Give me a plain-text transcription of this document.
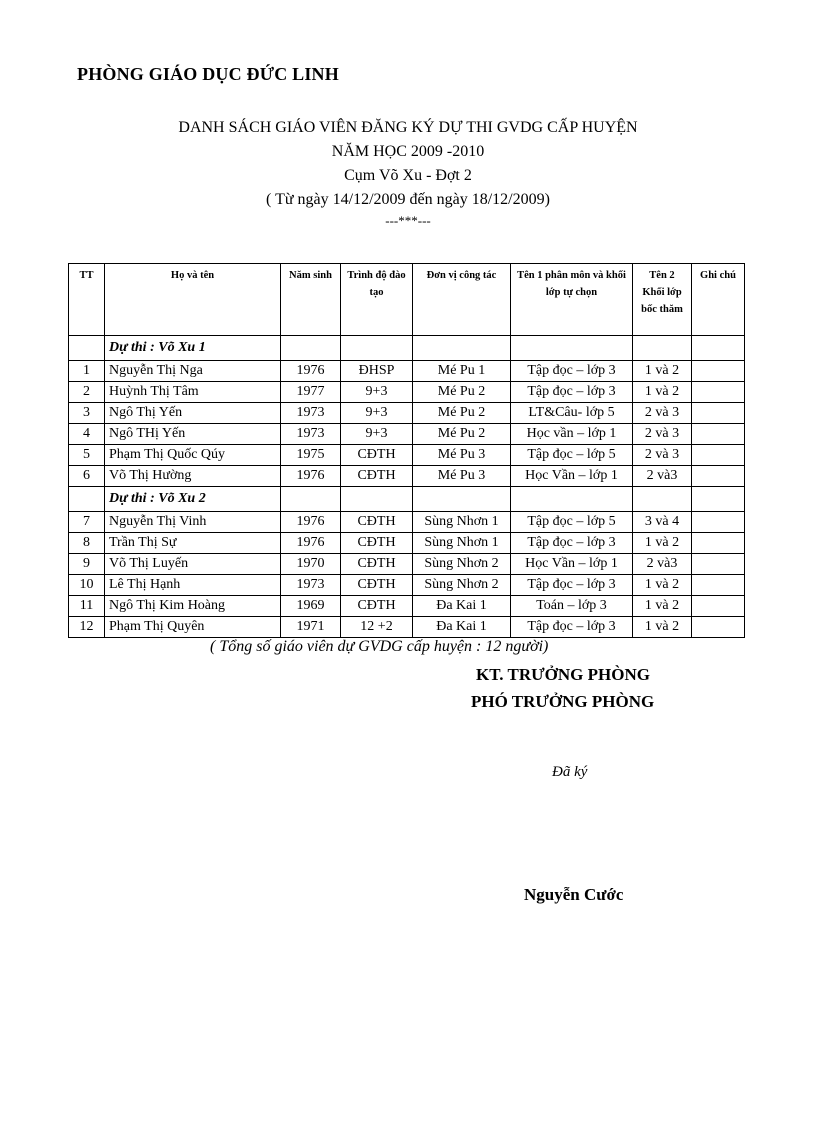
PHÒNG GIÁO DỤC ĐỨC LINH
DANH SÁCH GIÁO VIÊN ĐĂNG KÝ DỰ THI GVDG CẤP HUYỆN
NĂM HỌC 2009 -2010
Cụm Võ Xu - Đợt 2
( Từ ngày 14/12/2009 đến ngày 18/12/2009)
---***---
TT	Họ và tên	Năm sinh	Trình độ đào tạo	Đơn vị công tác	Tên 1 phân môn và khối lớp tự chọn	Tên 2 Khối lớp bốc thăm	Ghi chú
	Dự thi : Võ Xu 1						
1	Nguyễn Thị Nga	1976	ĐHSP	Mé Pu 1	Tập đọc – lớp 3	1 và 2	
2	Huỳnh Thị Tâm	1977	9+3	Mé Pu 2	Tập đọc – lớp 3	1 và 2	
3	Ngô Thị Yến	1973	9+3	Mé Pu 2	LT&Câu- lớp 5	2 và 3	
4	Ngô THị Yến	1973	9+3	Mé Pu 2	Học vần – lớp 1	2 và 3	
5	Phạm Thị Quốc Qúy	1975	CĐTH	Mé Pu 3	Tập đọc – lớp 5	2 và 3	
6	Võ Thị Hường	1976	CĐTH	Mé Pu 3	Học Vần – lớp 1	2 và3	
	Dự thi : Võ Xu 2						
7	Nguyễn Thị Vinh	1976	CĐTH	Sùng Nhơn 1	Tập đọc – lớp 5	3 và 4	
8	Trần Thị Sự	1976	CĐTH	Sùng Nhơn 1	Tập đọc – lớp 3	1 và 2	
9	Võ Thị Luyến	1970	CĐTH	Sùng Nhơn 2	Học Vần – lớp 1	2 và3	
10	Lê Thị Hạnh	1973	CĐTH	Sùng Nhơn 2	Tập đọc – lớp 3	1 và 2	
11	Ngô Thị Kim Hoàng	1969	CĐTH	Đa Kai 1	Toán – lớp 3	1 và 2	
12	Phạm Thị Quyên	1971	12 +2	Đa Kai 1	Tập đọc – lớp 3	1 và 2	
( Tổng số giáo viên dự GVDG cấp huyện : 12 người)
KT. TRƯỞNG PHÒNG
PHÓ TRƯỞNG PHÒNG
Đã ký
Nguyễn Cước
